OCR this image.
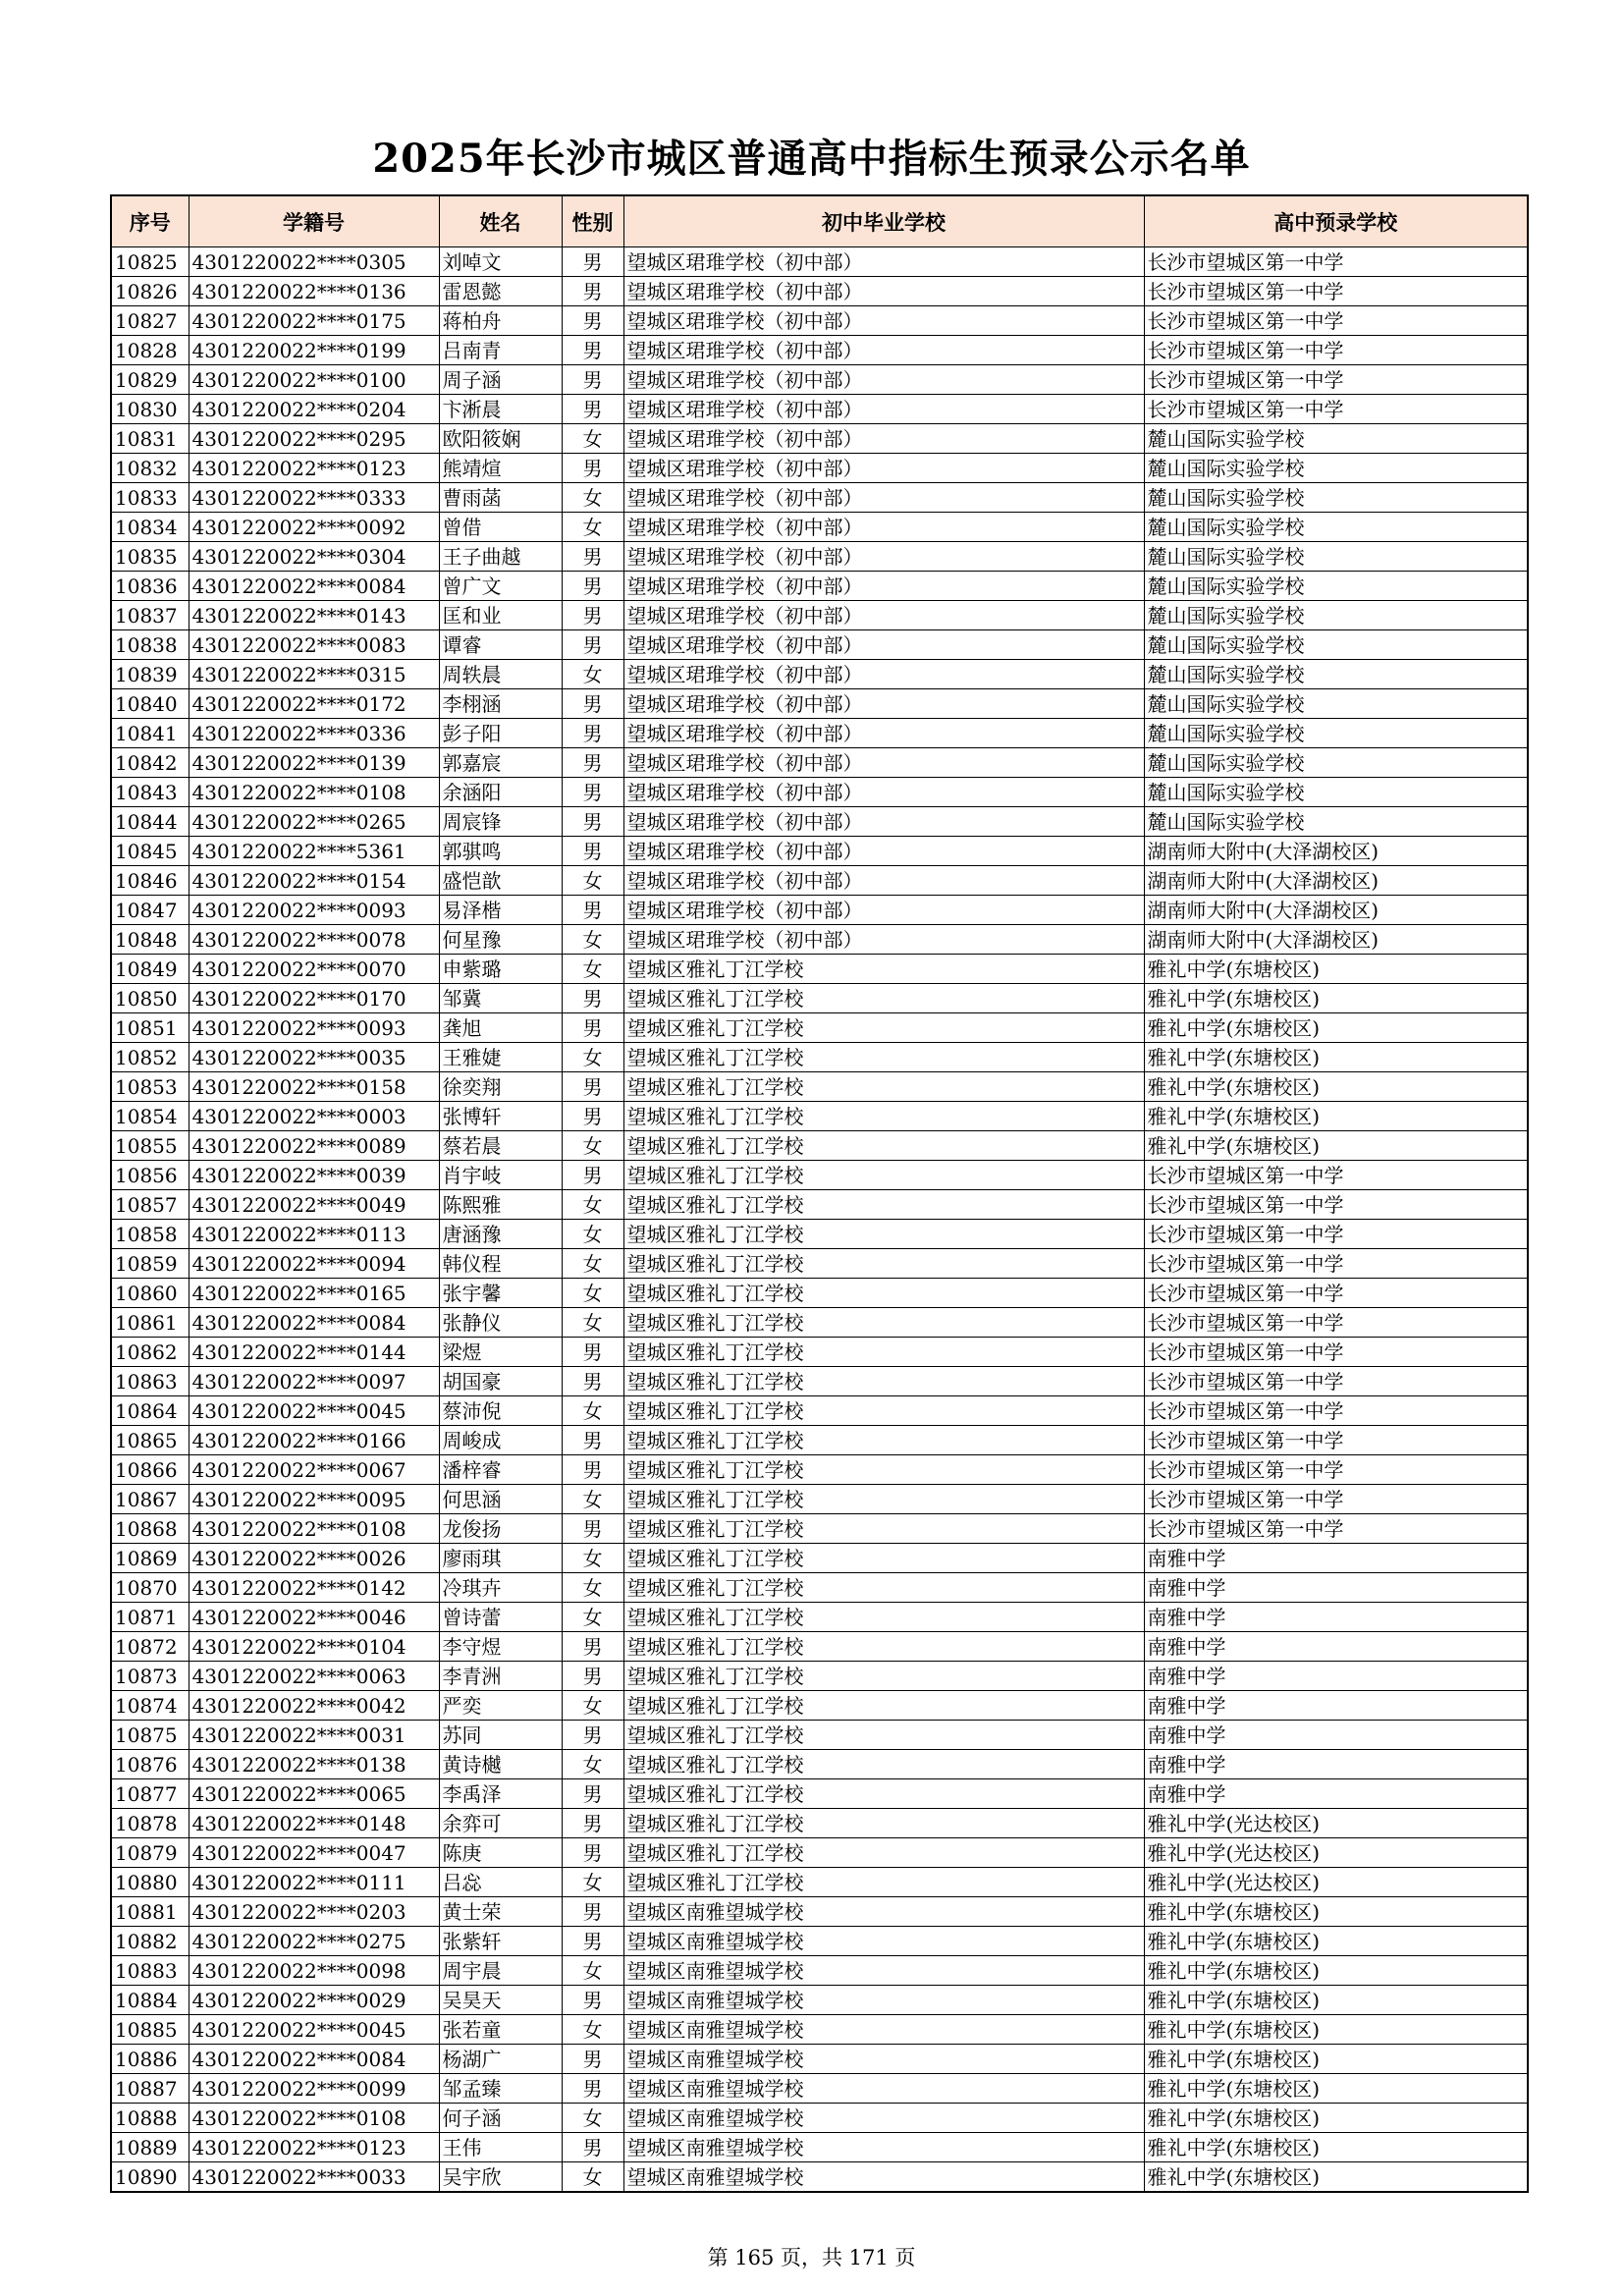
2025年长沙市城区普通高中指标生预录公示名单
序号	学籍号	姓名	性别	初中毕业学校	高中预录学校
10825	4301220022****0305	刘啅文	男	望城区珺琟学校（初中部）	长沙市望城区第一中学
10826	4301220022****0136	雷恩懿	男	望城区珺琟学校（初中部）	长沙市望城区第一中学
10827	4301220022****0175	蒋柏舟	男	望城区珺琟学校（初中部）	长沙市望城区第一中学
10828	4301220022****0199	吕南青	男	望城区珺琟学校（初中部）	长沙市望城区第一中学
10829	4301220022****0100	周子涵	男	望城区珺琟学校（初中部）	长沙市望城区第一中学
10830	4301220022****0204	卞淅晨	男	望城区珺琟学校（初中部）	长沙市望城区第一中学
10831	4301220022****0295	欧阳筱娴	女	望城区珺琟学校（初中部）	麓山国际实验学校
10832	4301220022****0123	熊靖煊	男	望城区珺琟学校（初中部）	麓山国际实验学校
10833	4301220022****0333	曹雨菡	女	望城区珺琟学校（初中部）	麓山国际实验学校
10834	4301220022****0092	曾借	女	望城区珺琟学校（初中部）	麓山国际实验学校
10835	4301220022****0304	王子曲越	男	望城区珺琟学校（初中部）	麓山国际实验学校
10836	4301220022****0084	曾广文	男	望城区珺琟学校（初中部）	麓山国际实验学校
10837	4301220022****0143	匡和业	男	望城区珺琟学校（初中部）	麓山国际实验学校
10838	4301220022****0083	谭睿	男	望城区珺琟学校（初中部）	麓山国际实验学校
10839	4301220022****0315	周轶晨	女	望城区珺琟学校（初中部）	麓山国际实验学校
10840	4301220022****0172	李栩涵	男	望城区珺琟学校（初中部）	麓山国际实验学校
10841	4301220022****0336	彭子阳	男	望城区珺琟学校（初中部）	麓山国际实验学校
10842	4301220022****0139	郭嘉宸	男	望城区珺琟学校（初中部）	麓山国际实验学校
10843	4301220022****0108	余涵阳	男	望城区珺琟学校（初中部）	麓山国际实验学校
10844	4301220022****0265	周宸锋	男	望城区珺琟学校（初中部）	麓山国际实验学校
10845	4301220022****5361	郭骐鸣	男	望城区珺琟学校（初中部）	湖南师大附中(大泽湖校区)
10846	4301220022****0154	盛恺歆	女	望城区珺琟学校（初中部）	湖南师大附中(大泽湖校区)
10847	4301220022****0093	易泽楷	男	望城区珺琟学校（初中部）	湖南师大附中(大泽湖校区)
10848	4301220022****0078	何星豫	女	望城区珺琟学校（初中部）	湖南师大附中(大泽湖校区)
10849	4301220022****0070	申紫璐	女	望城区雅礼丁江学校	雅礼中学(东塘校区)
10850	4301220022****0170	邹冀	男	望城区雅礼丁江学校	雅礼中学(东塘校区)
10851	4301220022****0093	龚旭	男	望城区雅礼丁江学校	雅礼中学(东塘校区)
10852	4301220022****0035	王雅婕	女	望城区雅礼丁江学校	雅礼中学(东塘校区)
10853	4301220022****0158	徐奕翔	男	望城区雅礼丁江学校	雅礼中学(东塘校区)
10854	4301220022****0003	张博轩	男	望城区雅礼丁江学校	雅礼中学(东塘校区)
10855	4301220022****0089	蔡若晨	女	望城区雅礼丁江学校	雅礼中学(东塘校区)
10856	4301220022****0039	肖宇岐	男	望城区雅礼丁江学校	长沙市望城区第一中学
10857	4301220022****0049	陈熙雅	女	望城区雅礼丁江学校	长沙市望城区第一中学
10858	4301220022****0113	唐涵豫	女	望城区雅礼丁江学校	长沙市望城区第一中学
10859	4301220022****0094	韩仪程	女	望城区雅礼丁江学校	长沙市望城区第一中学
10860	4301220022****0165	张宇馨	女	望城区雅礼丁江学校	长沙市望城区第一中学
10861	4301220022****0084	张静仪	女	望城区雅礼丁江学校	长沙市望城区第一中学
10862	4301220022****0144	梁煜	男	望城区雅礼丁江学校	长沙市望城区第一中学
10863	4301220022****0097	胡国豪	男	望城区雅礼丁江学校	长沙市望城区第一中学
10864	4301220022****0045	蔡沛倪	女	望城区雅礼丁江学校	长沙市望城区第一中学
10865	4301220022****0166	周峻成	男	望城区雅礼丁江学校	长沙市望城区第一中学
10866	4301220022****0067	潘梓睿	男	望城区雅礼丁江学校	长沙市望城区第一中学
10867	4301220022****0095	何思涵	女	望城区雅礼丁江学校	长沙市望城区第一中学
10868	4301220022****0108	龙俊扬	男	望城区雅礼丁江学校	长沙市望城区第一中学
10869	4301220022****0026	廖雨琪	女	望城区雅礼丁江学校	南雅中学
10870	4301220022****0142	冷琪卉	女	望城区雅礼丁江学校	南雅中学
10871	4301220022****0046	曾诗蕾	女	望城区雅礼丁江学校	南雅中学
10872	4301220022****0104	李守煜	男	望城区雅礼丁江学校	南雅中学
10873	4301220022****0063	李青洲	男	望城区雅礼丁江学校	南雅中学
10874	4301220022****0042	严奕	女	望城区雅礼丁江学校	南雅中学
10875	4301220022****0031	苏同	男	望城区雅礼丁江学校	南雅中学
10876	4301220022****0138	黄诗樾	女	望城区雅礼丁江学校	南雅中学
10877	4301220022****0065	李禹泽	男	望城区雅礼丁江学校	南雅中学
10878	4301220022****0148	余弈可	男	望城区雅礼丁江学校	雅礼中学(光达校区)
10879	4301220022****0047	陈庚	男	望城区雅礼丁江学校	雅礼中学(光达校区)
10880	4301220022****0111	吕惢	女	望城区雅礼丁江学校	雅礼中学(光达校区)
10881	4301220022****0203	黄士荣	男	望城区南雅望城学校	雅礼中学(东塘校区)
10882	4301220022****0275	张紫轩	男	望城区南雅望城学校	雅礼中学(东塘校区)
10883	4301220022****0098	周宇晨	女	望城区南雅望城学校	雅礼中学(东塘校区)
10884	4301220022****0029	吴昊天	男	望城区南雅望城学校	雅礼中学(东塘校区)
10885	4301220022****0045	张若童	女	望城区南雅望城学校	雅礼中学(东塘校区)
10886	4301220022****0084	杨湖广	男	望城区南雅望城学校	雅礼中学(东塘校区)
10887	4301220022****0099	邹孟臻	男	望城区南雅望城学校	雅礼中学(东塘校区)
10888	4301220022****0108	何子涵	女	望城区南雅望城学校	雅礼中学(东塘校区)
10889	4301220022****0123	王伟	男	望城区南雅望城学校	雅礼中学(东塘校区)
10890	4301220022****0033	吴宇欣	女	望城区南雅望城学校	雅礼中学(东塘校区)
第 165 页，共 171 页
